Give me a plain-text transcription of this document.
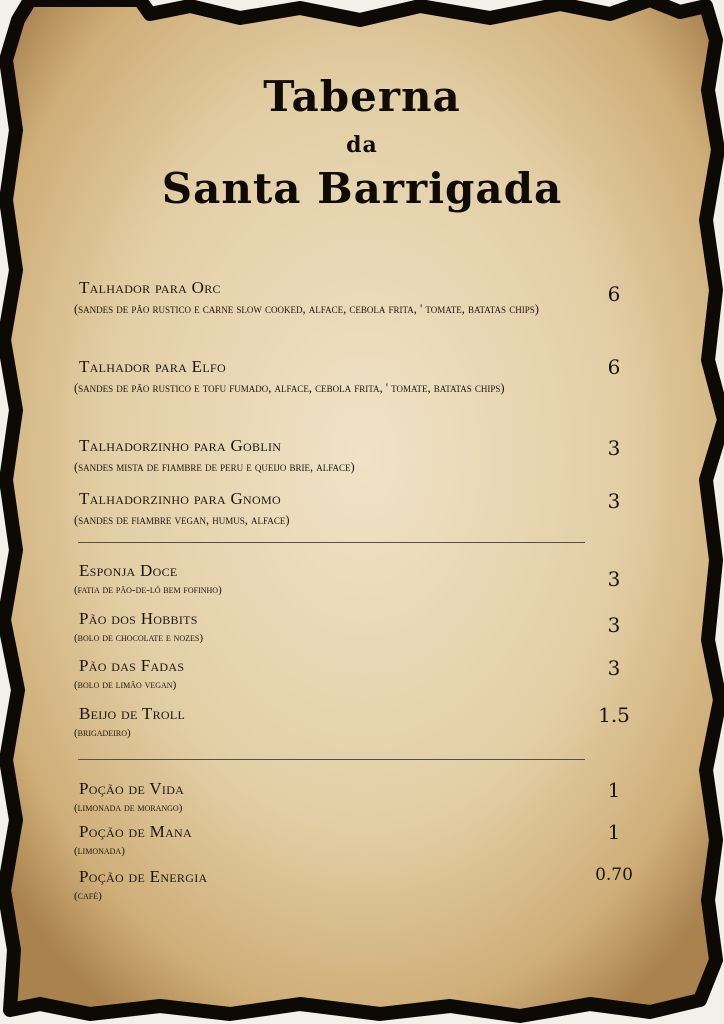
Taberna
da
Santa Barrigada
Talhador para Orc
(sandes de pão rustico e carne slow cooked, alface, cebola frita, ' tomate, batatas chips)
6
Talhador para Elfo
(sandes de pão rustico e tofu fumado, alface, cebola frita, ' tomate, batatas chips)
6
Talhadorzinho para Goblin
(sandes mista de fiambre de peru e queijo brie, alface)
3
Talhadorzinho para Gnomo
(sandes de fiambre vegan, humus, alface)
3
Esponja Doce
(fatia de pão-de-ló bem fofinho)	3
Pão dos Hobbits
(bolo de chocolate e nozes)
3
Pão das Fadas
(bolo de limão vegan)
3
Beijo de Troll
(brigadeiro)
1.5
Poção de Vida
(limonada de morango)
1
Poção de Mana
(limonada)
1
Poção de Energia
(café)
0.70
